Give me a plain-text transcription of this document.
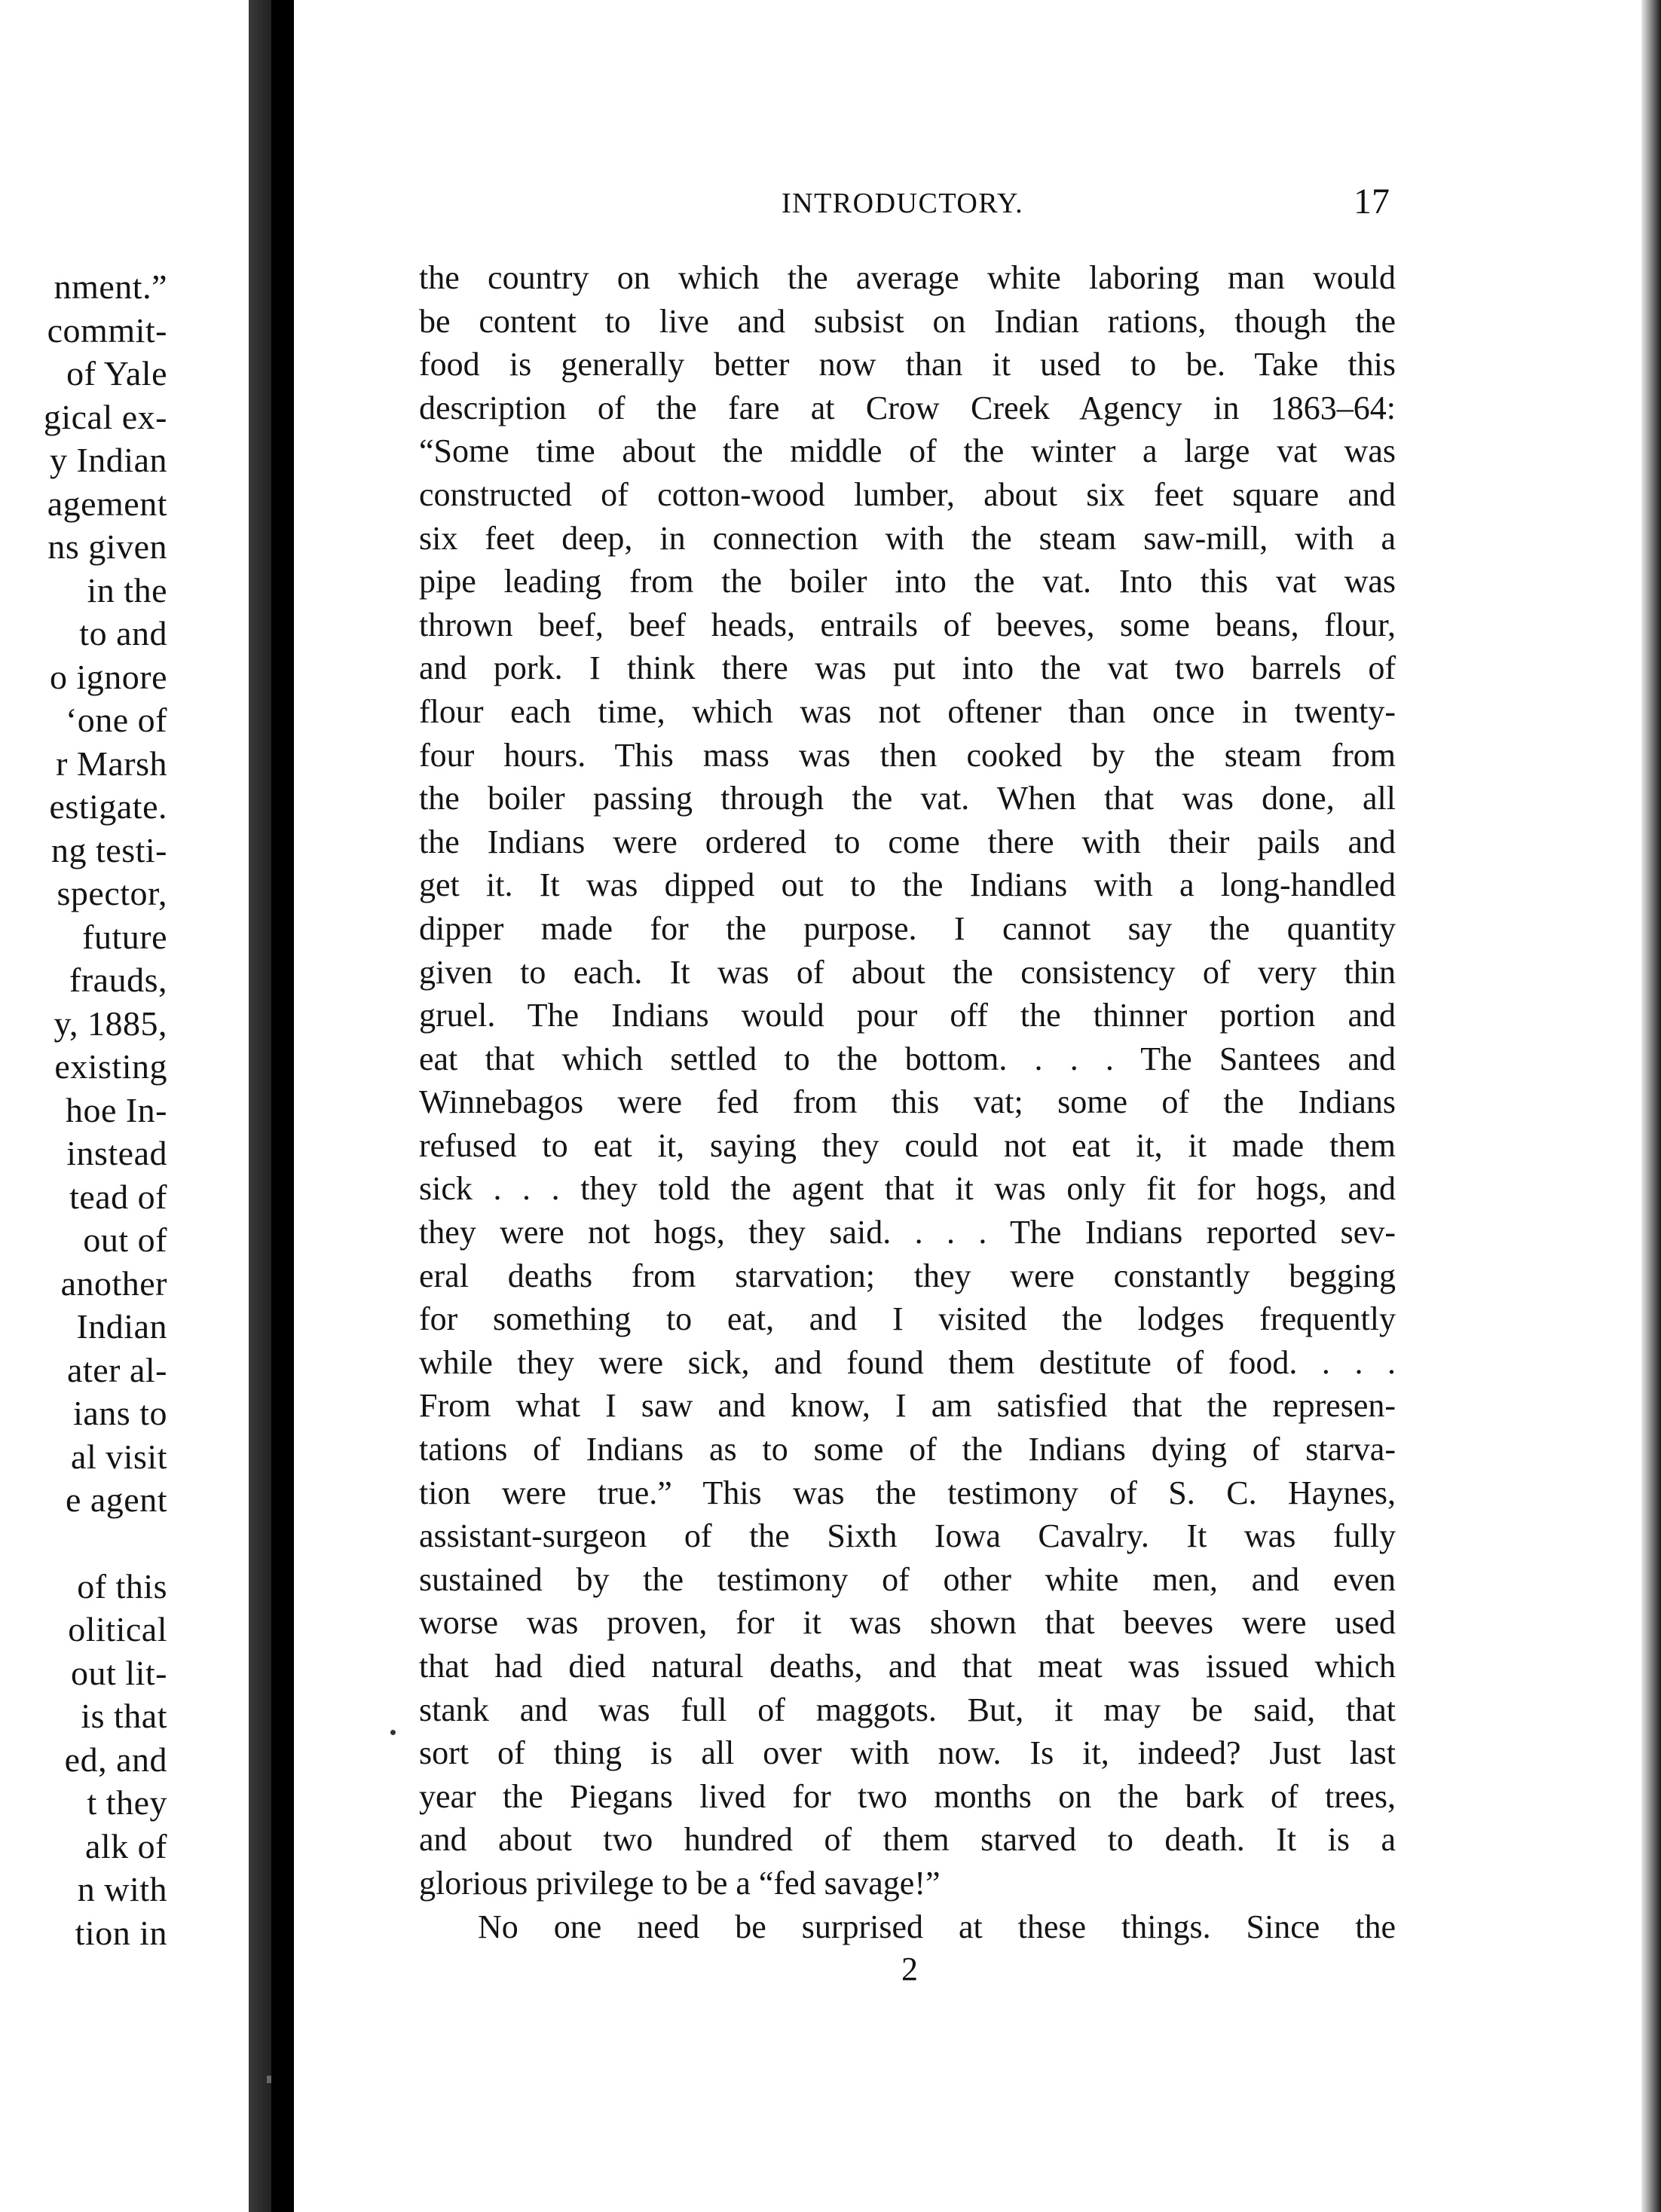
nment.”
commit-
of Yale
gical ex-
y Indian
agement
ns given
in the
to and
o ignore
‘one of
r Marsh
estigate.
ng testi-
spector,
future
frauds,
y, 1885,
existing
hoe In-
instead
tead of
out of
another
Indian
ater al-
ians to
al visit
e agent
of this
olitical
out lit-
is that
ed, and
t they
alk of
n with
tion in
INTRODUCTORY.	17
the country on which the average white laboring man would
be content to live and subsist on Indian rations, though the
food is generally better now than it used to be. Take this
description of the fare at Crow Creek Agency in 1863–64:
“Some time about the middle of the winter a large vat was
constructed of cotton-wood lumber, about six feet square and
six feet deep, in connection with the steam saw-mill, with a
pipe leading from the boiler into the vat. Into this vat was
thrown beef, beef heads, entrails of beeves, some beans, flour,
and pork. I think there was put into the vat two barrels of
flour each time, which was not oftener than once in twenty-
four hours. This mass was then cooked by the steam from
the boiler passing through the vat. When that was done, all
the Indians were ordered to come there with their pails and
get it. It was dipped out to the Indians with a long-handled
dipper made for the purpose. I cannot say the quantity
given to each. It was of about the consistency of very thin
gruel. The Indians would pour off the thinner portion and
eat that which settled to the bottom. . . . The Santees and
Winnebagos were fed from this vat; some of the Indians
refused to eat it, saying they could not eat it, it made them
sick . . . they told the agent that it was only fit for hogs, and
they were not hogs, they said. . . . The Indians reported sev-
eral deaths from starvation; they were constantly begging
for something to eat, and I visited the lodges frequently
while they were sick, and found them destitute of food. . . .
From what I saw and know, I am satisfied that the represen-
tations of Indians as to some of the Indians dying of starva-
tion were true.” This was the testimony of S. C. Haynes,
assistant-surgeon of the Sixth Iowa Cavalry. It was fully
sustained by the testimony of other white men, and even
worse was proven, for it was shown that beeves were used
that had died natural deaths, and that meat was issued which
stank and was full of maggots. But, it may be said, that
sort of thing is all over with now. Is it, indeed? Just last
year the Piegans lived for two months on the bark of trees,
and about two hundred of them starved to death. It is a
glorious privilege to be a “fed savage!”
No one need be surprised at these things. Since the
2
